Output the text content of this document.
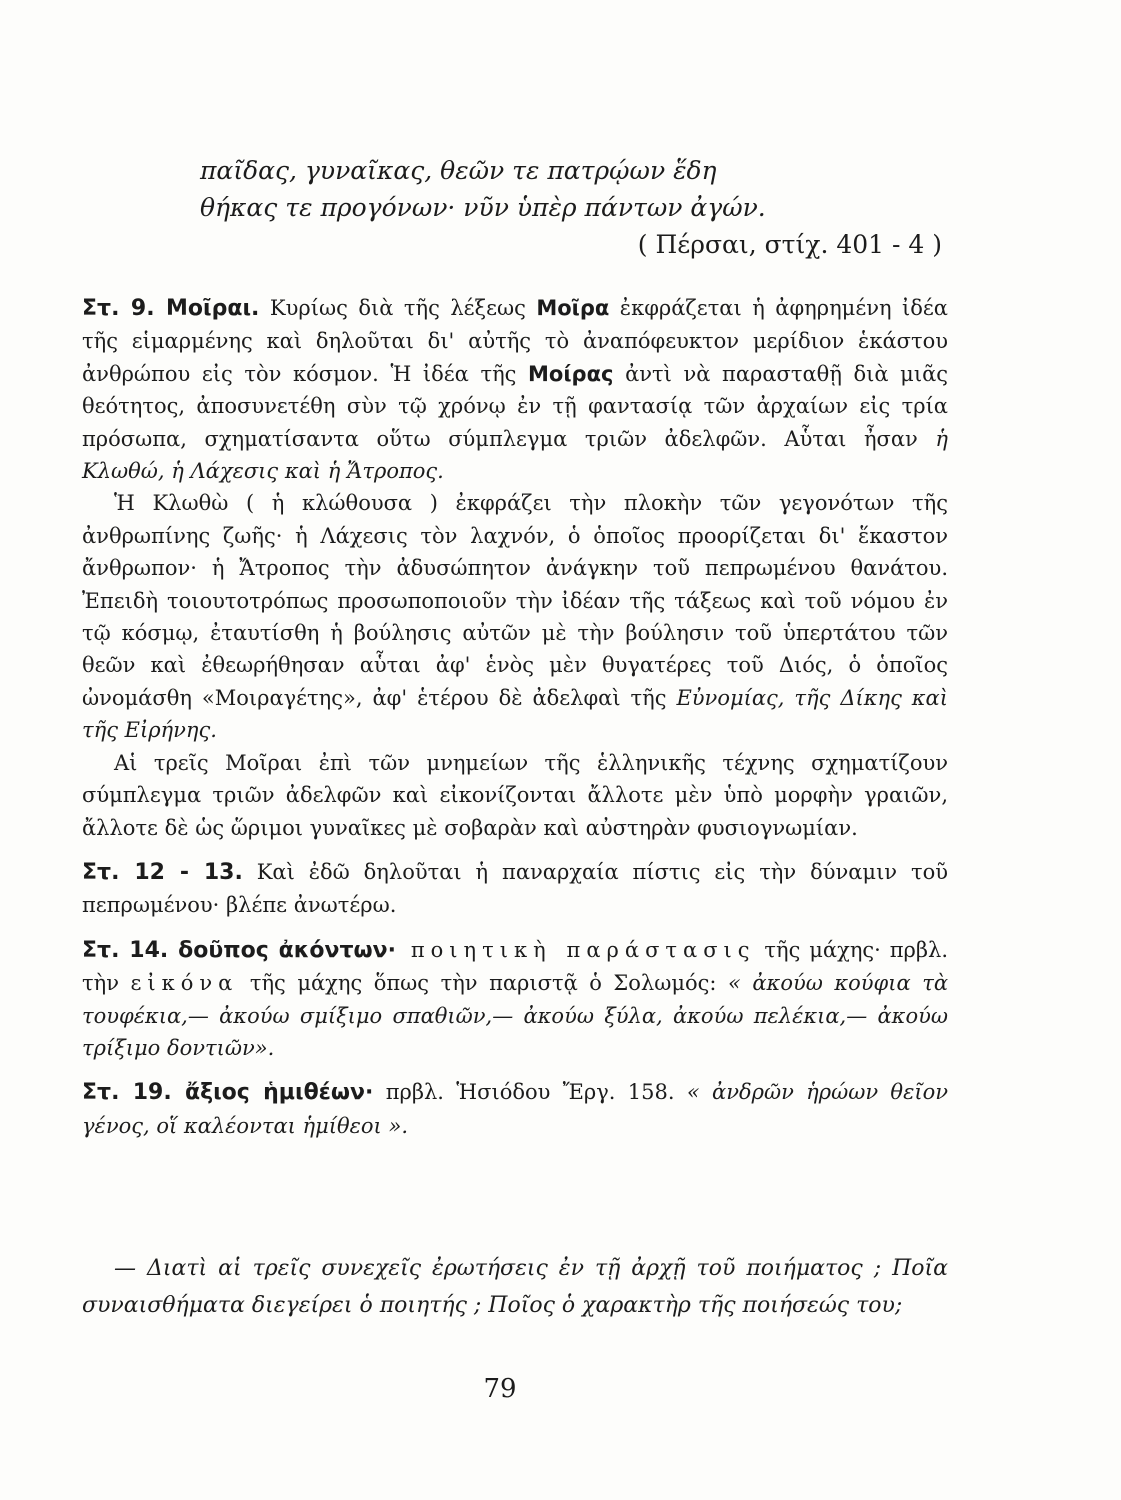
παῖδας, γυναῖκας, θεῶν τε πατρῴων ἕδη
θήκας τε προγόνων· νῦν ὑπὲρ πάντων ἀγών.
( Πέρσαι, στίχ. 401 - 4 )

Στ. 9. Μοῖραι. Κυρίως διὰ τῆς λέξεως Μοῖρα ἐκφράζεται ἡ ἀφηρημένη ἰδέα τῆς εἱμαρμένης καὶ δηλοῦται δι' αὐτῆς τὸ ἀναπόφευκτον μερίδιον ἑκάστου ἀνθρώπου εἰς τὸν κόσμον. Ἡ ἰδέα τῆς Μοίρας ἀντὶ νὰ παρασταθῇ διὰ μιᾶς θεότητος, ἀποσυνετέθη σὺν τῷ χρόνῳ ἐν τῇ φαντασίᾳ τῶν ἀρχαίων εἰς τρία πρόσωπα, σχηματίσαντα οὕτω σύμπλεγμα τριῶν ἀδελφῶν. Αὗται ἦσαν ἡ Κλωθώ, ἡ Λάχεσις καὶ ἡ Ἄτροπος.

Ἡ Κλωθὼ ( ἡ κλώθουσα ) ἐκφράζει τὴν πλοκὴν τῶν γεγονότων τῆς ἀνθρωπίνης ζωῆς· ἡ Λάχεσις τὸν λαχνόν, ὁ ὁποῖος προορίζεται δι' ἕκαστον ἄνθρωπον· ἡ Ἄτροπος τὴν ἀδυσώπητον ἀνάγκην τοῦ πεπρωμένου θανάτου. Ἐπειδὴ τοιουτοτρόπως προσωποποιοῦν τὴν ἰδέαν τῆς τάξεως καὶ τοῦ νόμου ἐν τῷ κόσμῳ, ἐταυτίσθη ἡ βούλησις αὐτῶν μὲ τὴν βούλησιν τοῦ ὑπερτάτου τῶν θεῶν καὶ ἐθεωρήθησαν αὗται ἀφ' ἑνὸς μὲν θυγατέρες τοῦ Διός, ὁ ὁποῖος ὠνομάσθη «Μοιραγέτης», ἀφ' ἑτέρου δὲ ἀδελφαὶ τῆς Εὐνομίας, τῆς Δίκης καὶ τῆς Εἰρήνης.

Αἱ τρεῖς Μοῖραι ἐπὶ τῶν μνημείων τῆς ἑλληνικῆς τέχνης σχηματίζουν σύμπλεγμα τριῶν ἀδελφῶν καὶ εἰκονίζονται ἄλλοτε μὲν ὑπὸ μορφὴν γραιῶν, ἄλλοτε δὲ ὡς ὥριμοι γυναῖκες μὲ σοβαρὰν καὶ αὐστηρὰν φυσιογνωμίαν.

Στ. 12 - 13. Καὶ ἐδῶ δηλοῦται ἡ παναρχαία πίστις εἰς τὴν δύναμιν τοῦ πεπρωμένου· βλέπε ἀνωτέρω.

Στ. 14. δοῦπος ἀκόντων· ποιητικὴ παράστασις τῆς μάχης· πρβλ. τὴν εἰκόνα τῆς μάχης ὅπως τὴν παριστᾷ ὁ Σολωμός: « ἀκούω κούφια τὰ τουφέκια,— ἀκούω σμίξιμο σπαθιῶν,— ἀκούω ξύλα, ἀκούω πελέκια,— ἀκούω τρίξιμο δοντιῶν».

Στ. 19. ἄξιος ἡμιθέων· πρβλ. Ἡσιόδου Ἔργ. 158. « ἀνδρῶν ἡρώων θεῖον γένος, οἵ καλέονται ἡμίθεοι ».

— Διατὶ αἱ τρεῖς συνεχεῖς ἐρωτήσεις ἐν τῇ ἀρχῇ τοῦ ποιήματος ; Ποῖα συναισθήματα διεγείρει ὁ ποιητής ; Ποῖος ὁ χαρακτὴρ τῆς ποιήσεώς του;

79
